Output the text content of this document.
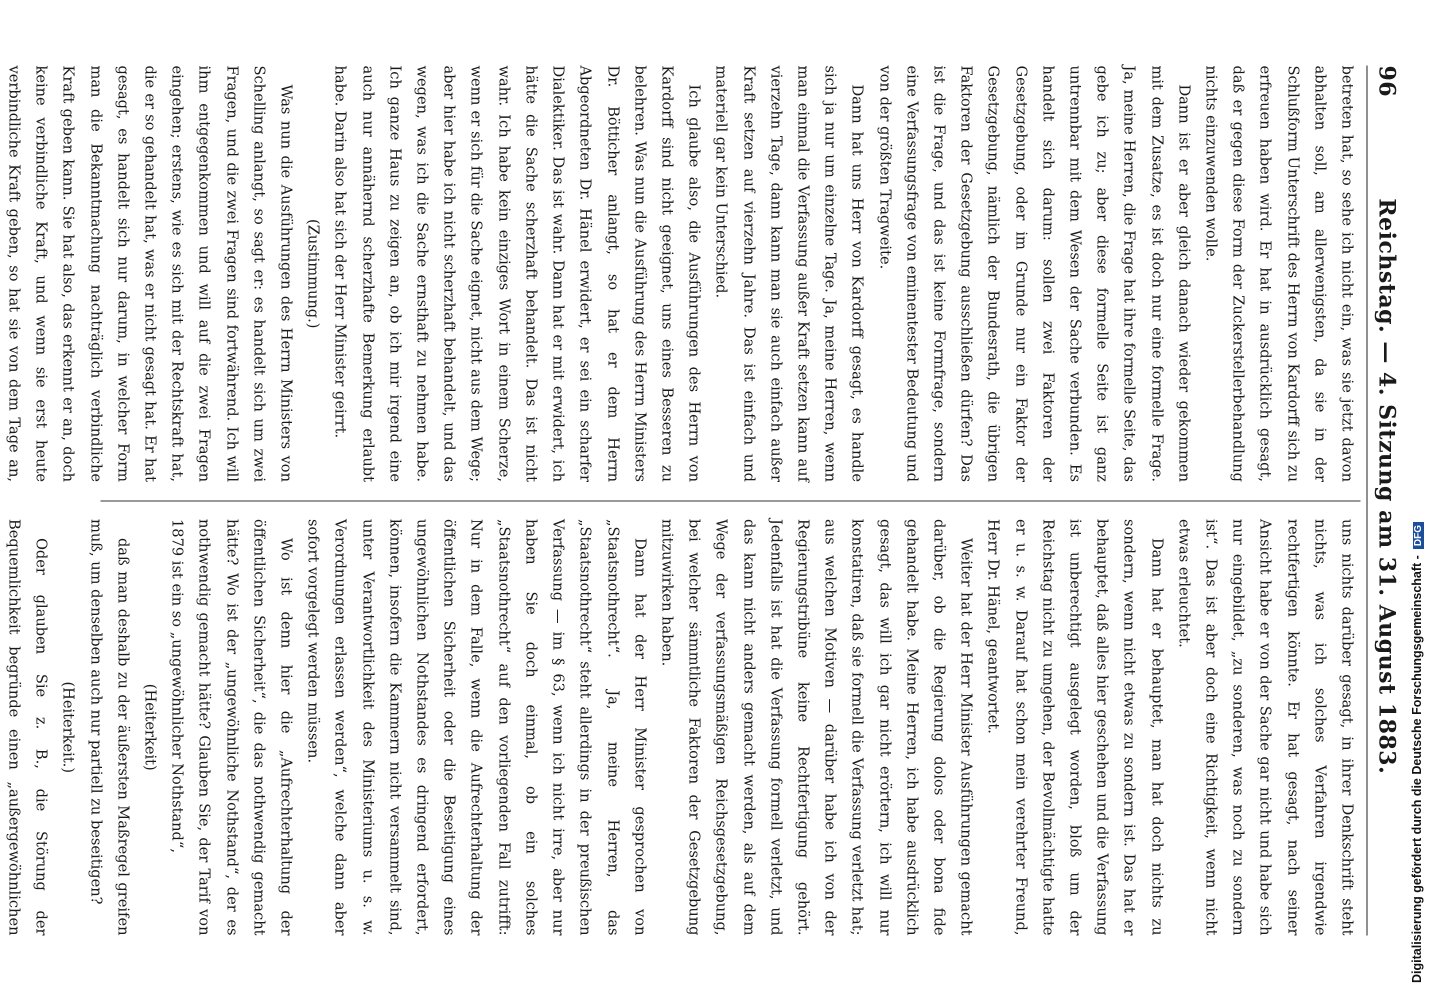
96
Reichstag. — 4. Sitzung am 31. August 1883.

betreten hat, so sehe ich nicht ein, was sie jetzt davon abhalten soll, am allerwenigsten, da sie in der Schlußform Unterschrift des Herrn von Kardorff sich zu erfreuen haben wird. Er hat in ausdrücklich gesagt, daß er gegen diese Form der Zuckerstellerbehandlung nichts einzuwenden wolle.

Dann ist er aber gleich danach wieder gekommen mit dem Zusatze, es ist doch nur eine formelle Frage. Ja, meine Herren, die Frage hat ihre formelle Seite, das gebe ich zu; aber diese formelle Seite ist ganz untrennbar mit dem Wesen der Sache verbunden. Es handelt sich darum: sollen zwei Faktoren der Gesetzgebung, oder im Grunde nur ein Faktor der Gesetzgebung, nämlich der Bundesrath, die übrigen Faktoren der Gesetzgebung ausschließen dürfen? Das ist die Frage, und das ist keine Formfrage, sondern eine Verfassungsfrage von eminentester Bedeutung und von der größten Tragweite.

Dann hat uns Herr von Kardorff gesagt, es handle sich ja nur um einzelne Tage. Ja, meine Herren, wenn man einmal die Verfassung außer Kraft setzen kann auf vierzehn Tage, dann kann man sie auch einfach außer Kraft setzen auf vierzehn Jahre. Das ist einfach und materiell gar kein Unterschied.

Ich glaube also, die Ausführungen des Herrn von Kardorff sind nicht geeignet, uns eines Besseren zu belehren. Was nun die Ausführung des Herrn Ministers Dr. Bötticher anlangt, so hat er dem Herrn Abgeordneten Dr. Hänel erwidert, er sei ein scharfer Dialektiker. Das ist wahr. Dann hat er mit erwidert, ich hätte die Sache scherzhaft behandelt. Das ist nicht wahr. Ich habe kein einziges Wort in einem Scherze, wenn er sich für die Sache eignet, nicht aus dem Wege; aber hier habe ich nicht scherzhaft behandelt, und das wegen, was ich die Sache ernsthaft zu nehmen habe. Ich ganze Haus zu zeigen an, ob ich mir irgend eine auch nur annähernd scherzhafte Bemerkung erlaubt habe. Darin also hat sich der Herr Minister geirrt.

(Zustimmung.)

Was nun die Ausführungen des Herrn Ministers von Schelling anlangt, so sagt er: es handelt sich um zwei Fragen, und die zwei Fragen sind fortwährend. Ich will ihm entgegenkommen und will auf die zwei Fragen eingehen; erstens, wie es sich mit der Rechtskraft hat, die er so gehandelt hat, was er nicht gesagt hat. Er hat gesagt, es handelt sich nur darum, in welcher Form man die Bekanntmachung nachträglich verbindliche Kraft geben kann. Sie hat also, das erkennt er an, doch keine verbindliche Kraft, und wenn sie erst heute verbindliche Kraft geben, so hat sie von dem Tage an,

uns nichts darüber gesagt, in ihrer Denkschrift steht nichts, was ich solches Verfahren irgendwie rechtfertigen könnte. Er hat gesagt, nach seiner Ansicht habe er von der Sache gar nicht und habe sich nur eingebildet, „zu sonderen, was noch zu sondern ist“. Das ist aber doch eine Richtigkeit, wenn nicht etwas erleuchtet.

Dann hat er behauptet, man hat doch nichts zu sondern, wenn nicht etwas zu sondern ist. Das hat er behauptet, daß alles hier geschehen und die Verfassung ist unberechtigt ausgelegt worden, bloß um der Reichstag nicht zu umgehen, der Bevollmächtigte hatte er u. s. w. Darauf hat schon mein verehrter Freund, Herr Dr. Hänel, geantwortet.

Weiter hat der Herr Minister Ausführungen gemacht darüber, ob die Regierung dolos oder bona fide gehandelt habe. Meine Herren, ich habe ausdrücklich gesagt, das will ich gar nicht erörtern, ich will nur konstatiren, daß sie formell die Verfassung verletzt hat; aus welchen Motiven — darüber habe ich von der Regierungstribüne keine Rechtfertigung gehört. Jedenfalls ist hat die Verfassung formell verletzt, und das kann nicht anders gemacht werden, als auf dem Wege der verfassungsmäßigen Reichsgesetzgebung, bei welcher sämmtliche Faktoren der Gesetzgebung mitzuwirken haben.

Dann hat der Herr Minister gesprochen von „Staatsnothrecht“. Ja, meine Herren, das „Staatsnothrecht“ steht allerdings in der preußischen Verfassung — im § 63, wenn ich nicht irre, aber nur haben Sie doch einmal, ob ein solches „Staatsnothrecht“ auf den vorliegenden Fall zutrifft: Nur in dem Falle, wenn die Aufrechterhaltung der öffentlichen Sicherheit oder die Beseitigung eines ungewöhnlichen Nothstandes es dringend erfordert, können, insofern die Kammern nicht versammelt sind, unter Verantwortlichkeit des Ministeriums u. s. w. Verordnungen erlassen werden“, welche dann aber sofort vorgelegt werden müssen.

Wo ist denn hier die „Aufrechterhaltung der öffentlichen Sicherheit“, die das nothwendig gemacht hätte? Wo ist der „ungewöhnliche Nothstand“, der es nothwendig gemacht hätte? Glauben Sie, der Tarif von 1879 ist ein so „ungewöhnlicher Nothstand“,

(Heiterkeit)

daß man deshalb zu der äußersten Maßregel greifen muß, um denselben auch nur partiell zu beseitigen?

(Heiterkeit.)

Oder glauben Sie z. B., die Störung der Bequemlichkeit begründe einen „außergewöhnlichen	Digitalisierung gefördert durch die Deutsche Forschungsgemeinschaft -DFG
